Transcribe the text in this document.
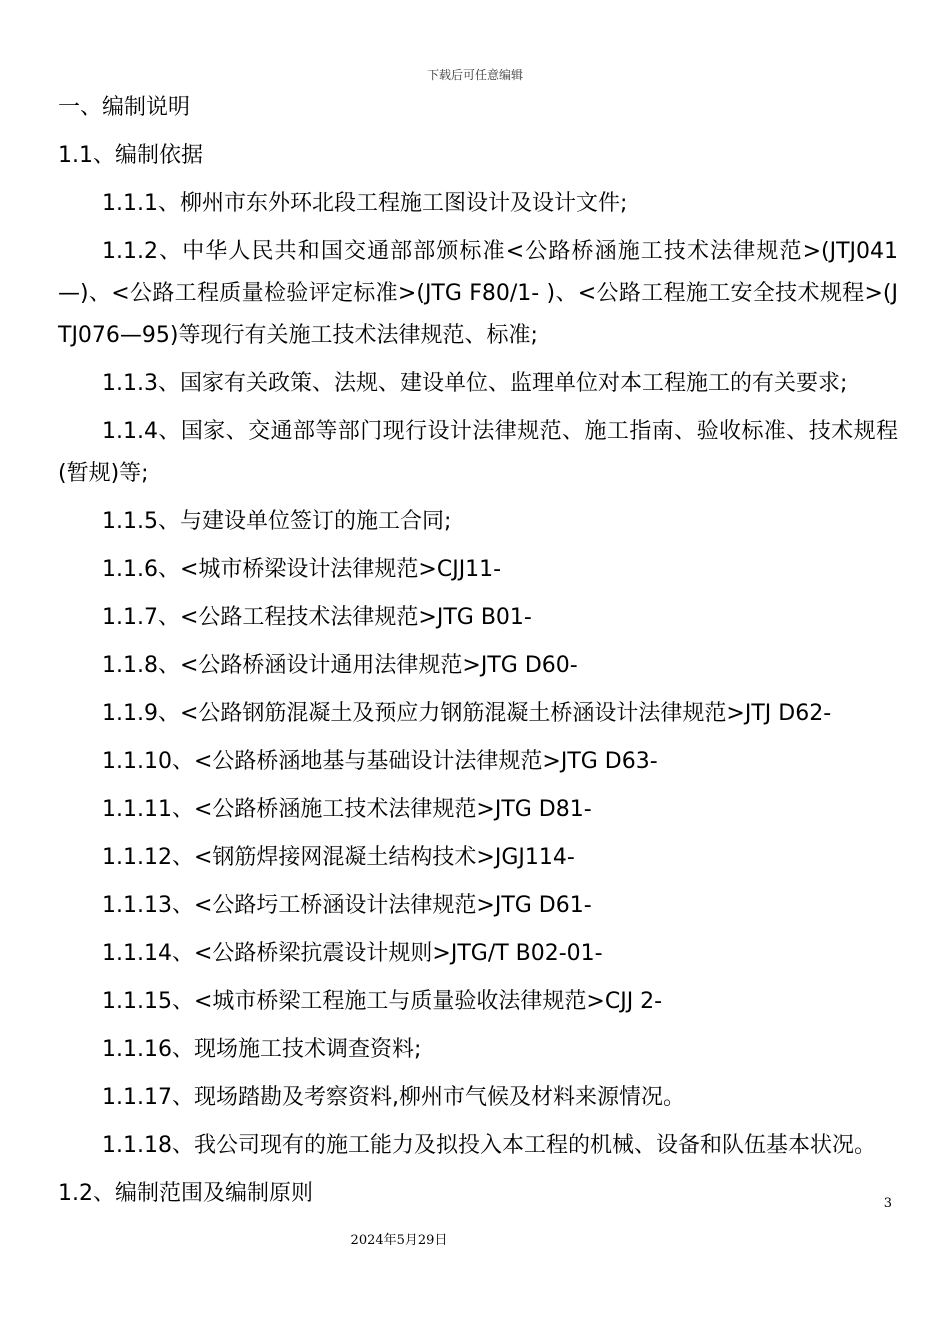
下载后可任意编辑

一、编制说明

1.1、编制依据

1.1.1、柳州市东外环北段工程施工图设计及设计文件;

1.1.2、中华人民共和国交通部部颁标准<公路桥涵施工技术法律规范>(JTJ041—)、<公路工程质量检验评定标准>(JTG F80/1- )、<公路工程施工安全技术规程>(JTJ076—95)等现行有关施工技术法律规范、标准;

1.1.3、国家有关政策、法规、建设单位、监理单位对本工程施工的有关要求;

1.1.4、国家、交通部等部门现行设计法律规范、施工指南、验收标准、技术规程(暂规)等;

1.1.5、与建设单位签订的施工合同;

1.1.6、<城市桥梁设计法律规范>CJJ11-

1.1.7、<公路工程技术法律规范>JTG B01-

1.1.8、<公路桥涵设计通用法律规范>JTG D60-

1.1.9、<公路钢筋混凝土及预应力钢筋混凝土桥涵设计法律规范>JTJ D62-

1.1.10、<公路桥涵地基与基础设计法律规范>JTG D63-

1.1.11、<公路桥涵施工技术法律规范>JTG D81-

1.1.12、<钢筋焊接网混凝土结构技术>JGJ114-

1.1.13、<公路圬工桥涵设计法律规范>JTG D61-

1.1.14、<公路桥梁抗震设计规则>JTG/T B02-01-

1.1.15、<城市桥梁工程施工与质量验收法律规范>CJJ 2-

1.1.16、现场施工技术调查资料;

1.1.17、现场踏勘及考察资料,柳州市气候及材料来源情况。

1.1.18、我公司现有的施工能力及拟投入本工程的机械、设备和队伍基本状况。

1.2、编制范围及编制原则	3
2024年5月29日
